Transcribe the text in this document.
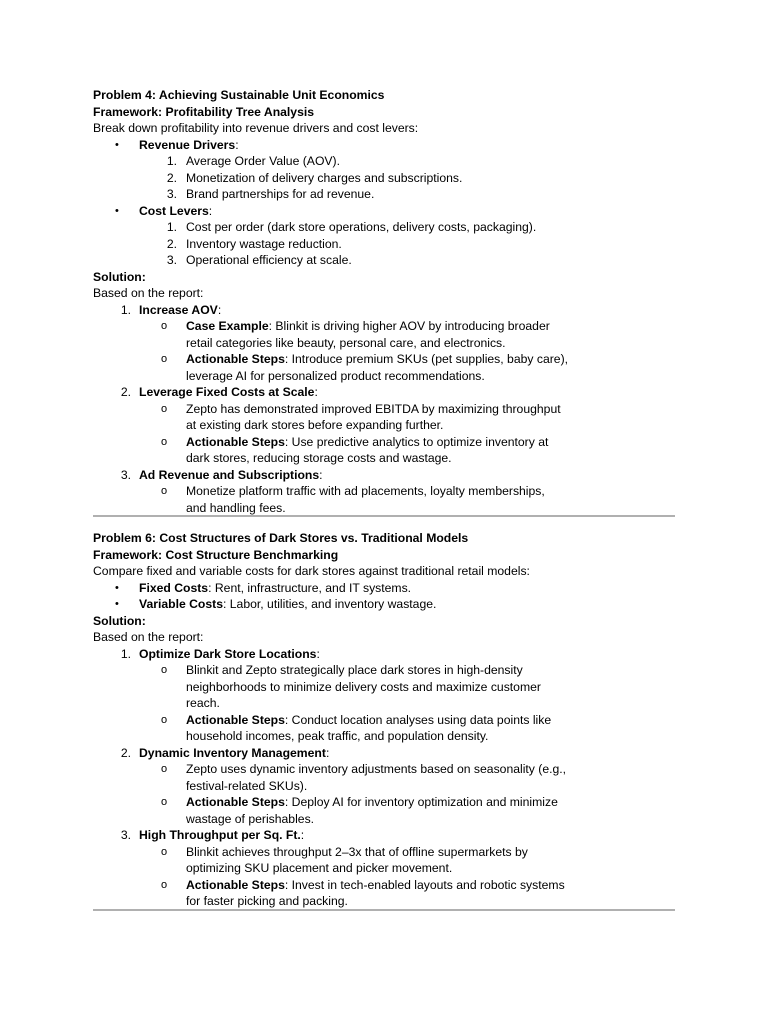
Problem 4: Achieving Sustainable Unit Economics
Framework: Profitability Tree Analysis
Break down profitability into revenue drivers and cost levers:
• Revenue Drivers:
1. Average Order Value (AOV).
2. Monetization of delivery charges and subscriptions.
3. Brand partnerships for ad revenue.
• Cost Levers:
1. Cost per order (dark store operations, delivery costs, packaging).
2. Inventory wastage reduction.
3. Operational efficiency at scale.
Solution:
Based on the report:
1. Increase AOV:
o Case Example: Blinkit is driving higher AOV by introducing broader
retail categories like beauty, personal care, and electronics.
o Actionable Steps: Introduce premium SKUs (pet supplies, baby care),
leverage AI for personalized product recommendations.
2. Leverage Fixed Costs at Scale:
o Zepto has demonstrated improved EBITDA by maximizing throughput
at existing dark stores before expanding further.
o Actionable Steps: Use predictive analytics to optimize inventory at
dark stores, reducing storage costs and wastage.
3. Ad Revenue and Subscriptions:
o Monetize platform traffic with ad placements, loyalty memberships,
and handling fees.
Problem 6: Cost Structures of Dark Stores vs. Traditional Models
Framework: Cost Structure Benchmarking
Compare fixed and variable costs for dark stores against traditional retail models:
• Fixed Costs: Rent, infrastructure, and IT systems.
• Variable Costs: Labor, utilities, and inventory wastage.
Solution:
Based on the report:
1. Optimize Dark Store Locations:
o Blinkit and Zepto strategically place dark stores in high-density
neighborhoods to minimize delivery costs and maximize customer
reach.
o Actionable Steps: Conduct location analyses using data points like
household incomes, peak traffic, and population density.
2. Dynamic Inventory Management:
o Zepto uses dynamic inventory adjustments based on seasonality (e.g.,
festival-related SKUs).
o Actionable Steps: Deploy AI for inventory optimization and minimize
wastage of perishables.
3. High Throughput per Sq. Ft.:
o Blinkit achieves throughput 2–3x that of offline supermarkets by
optimizing SKU placement and picker movement.
o Actionable Steps: Invest in tech-enabled layouts and robotic systems
for faster picking and packing.
